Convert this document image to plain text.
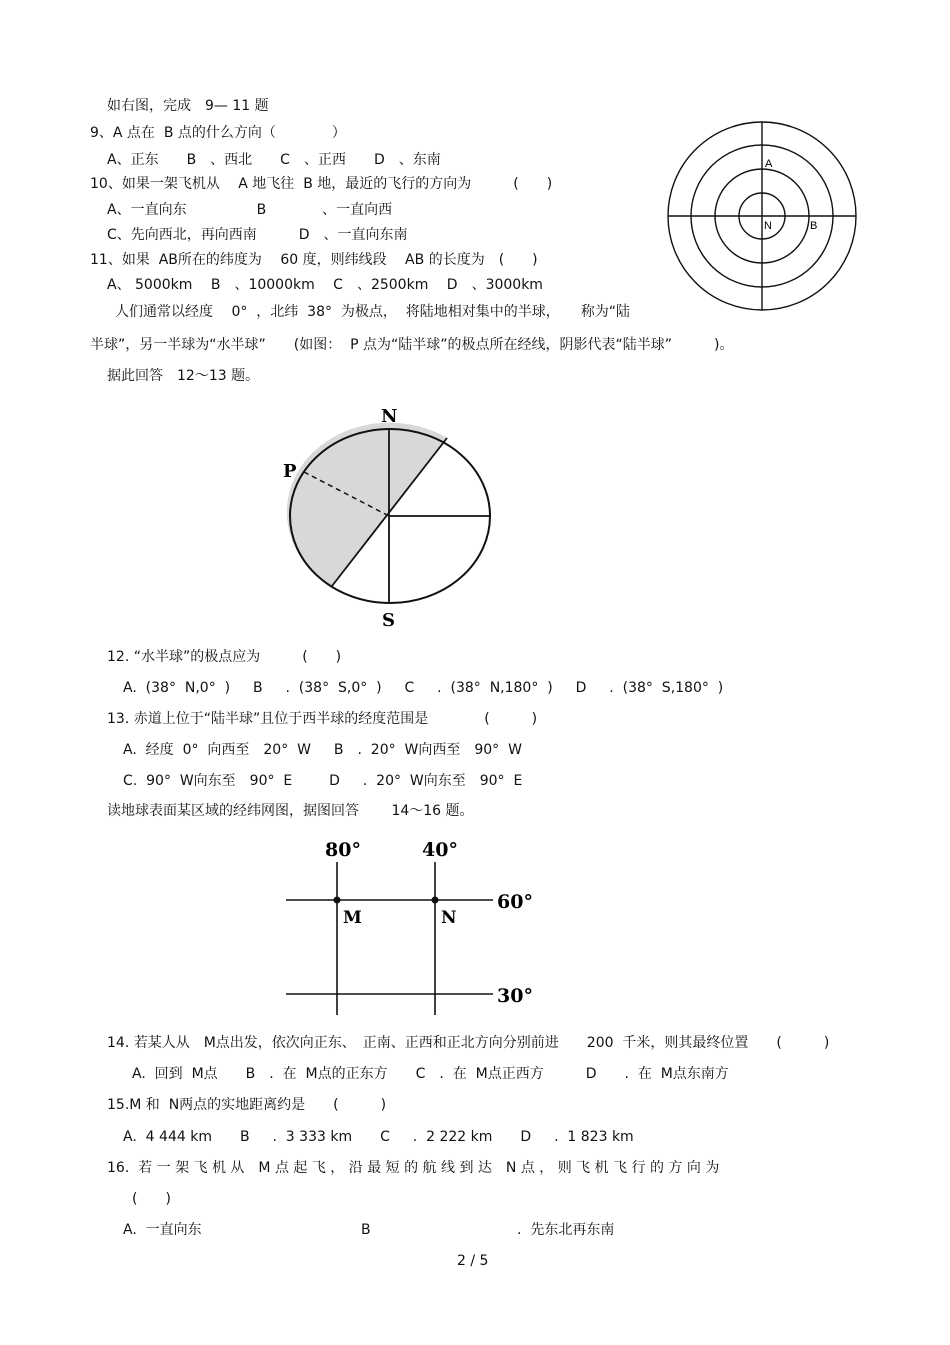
如右图，完成　9— 11 题
9、A 点在  B 点的什么方向（　　　　）
A、正东　　B　、西北　　C　、正西　　D　、东南
10、如果一架飞机从　 A 地飞往  B 地，最近的飞行的方向为　　　(　　)
A、一直向东　　　　　B　　　　、一直向西
C、先向西北，再向西南　　　D　、一直向东南
11、如果  AB所在的纬度为　 60 度，则纬线段　 AB 的长度为　(　　)
A、 5000km　 B　、10000km　 C　、2500km　 D　、3000km
A
N	B
人们通常以经度　 0°  ，北纬  38°  为极点，  将陆地相对集中的半球，　　称为“陆
半球”，另一半球为“水半球”　　(如图：  P 点为“陆半球”的极点所在经线，阴影代表“陆半球”　　　)。
据此回答　12～13 题。
N
S
P
12. “水半球”的极点应为　　　(　　)
A.  (38°  N,0°  )　  B　  .  (38°  S,0°  )　  C　  .  (38°  N,180°  )　  D　  .  (38°  S,180°  )
13. 赤道上位于“陆半球”且位于西半球的经度范围是　　　　(　　　)
A.  经度  0°  向西至　20°  W　  B　.  20°  W向西至　90°  W
C.  90°  W向东至　90°  E　　  D　  .  20°  W向东至　90°  E
读地球表面某区域的经纬网图，据图回答　　 14～16 题。
80°	40°
60°
30°
M	N
14. 若某人从　M点出发，依次向正东、　正南、正西和正北方向分别前进　　200  千米，则其最终位置　　(　　　)
A.  回到  M点　　B　.  在  M点的正东方　　C　.  在  M点正西方　　　D　　.  在  M点东南方
15.M 和  N两点的实地距离约是　　(　　　)
A.  4 444 km　　B　  .  3 333 km　　C　  .  2 222 km　　D　  .  1 823 km
16.  若 一 架 飞 机 从　M 点 起 飞 ， 沿 最 短 的 航 线 到 达　N 点 ， 则 飞 机 飞 行 的 方 向 为
(　　)
A.  一直向东	B	.  先东北再东南
2 / 5
